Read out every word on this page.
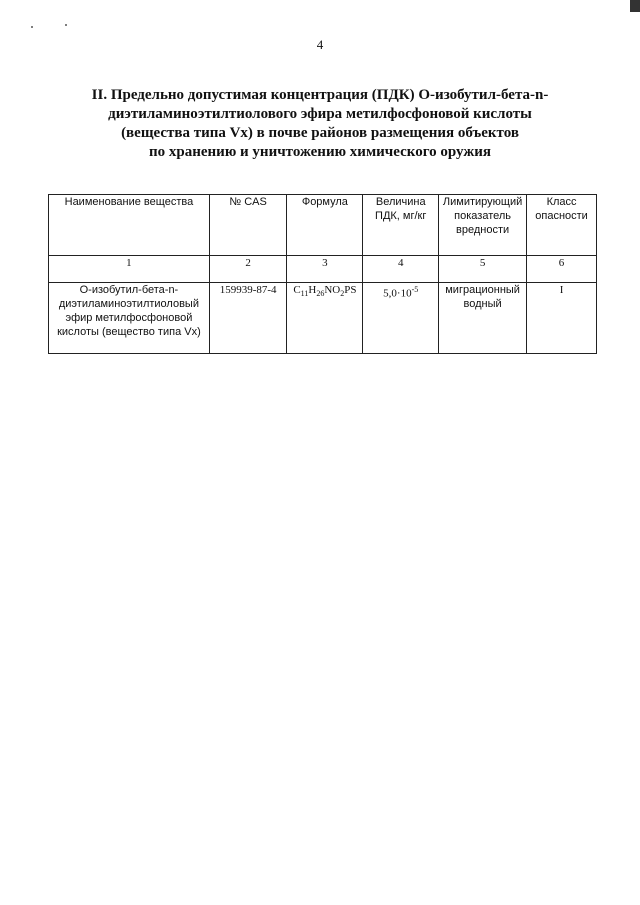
4
II. Предельно допустимая концентрация (ПДК) О-изобутил-бета-n-
диэтиламиноэтилтиолового эфира метилфосфоновой кислоты
(вещества типа Vx) в почве районов размещения объектов
по хранению и уничтожению химического оружия
Наименование вещества	№ CAS	Формула	Величина ПДК, мг/кг	Лимитирующий показатель вредности	Класс опасности
1	2	3	4	5	6
О-изобутил-бета-n-диэтиламиноэтилтиоловый эфир метилфосфоновой кислоты (вещество типа Vx)	159939-87-4	$C_{11}H_{26}NO_2PS$	$5,0\cdot 10^{-5}$	миграционный водный	I
